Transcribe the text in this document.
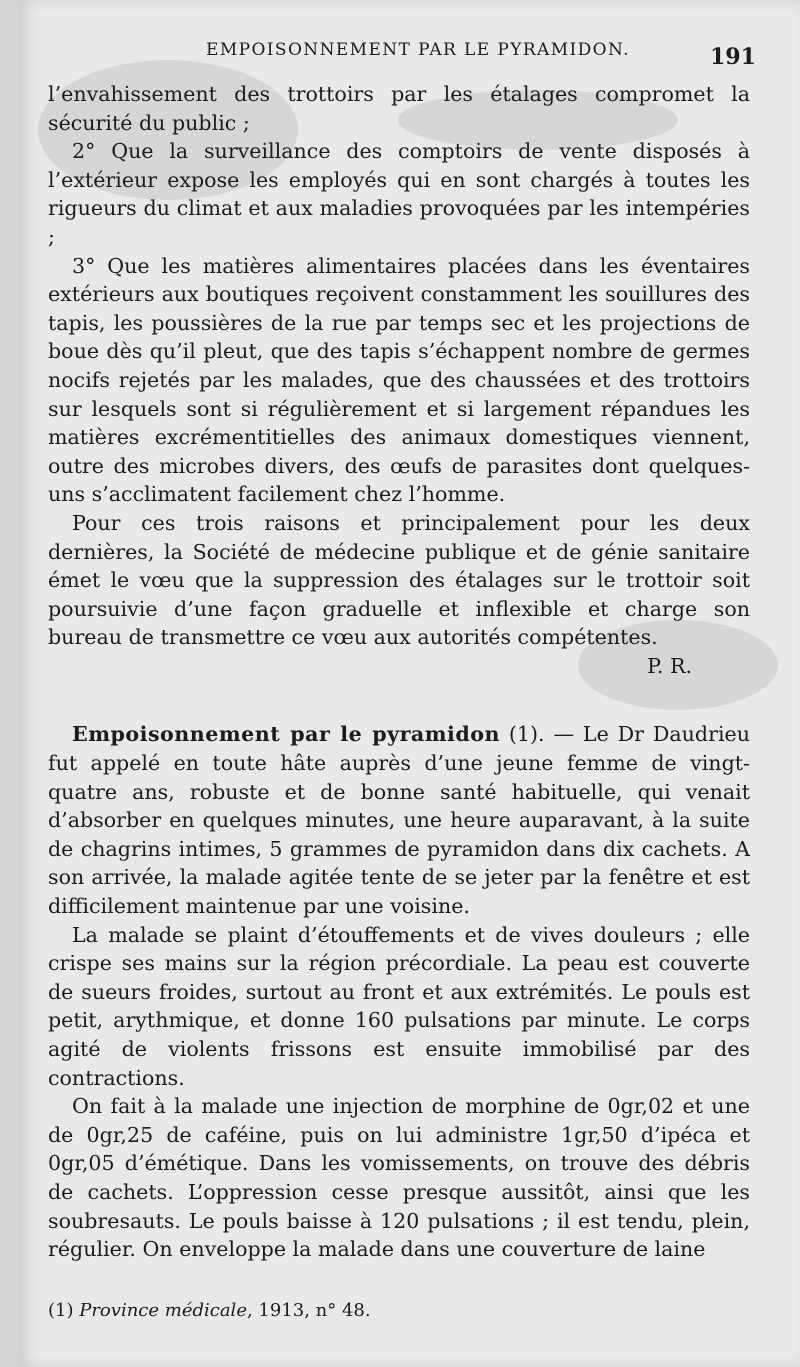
EMPOISONNEMENT PAR LE PYRAMIDON.	191

l’envahissement des trottoirs par les étalages compromet la sécurité du public ;

2° Que la surveillance des comptoirs de vente disposés à l’extérieur expose les employés qui en sont chargés à toutes les rigueurs du climat et aux maladies provoquées par les intempéries ;

3° Que les matières alimentaires placées dans les éventaires extérieurs aux boutiques reçoivent constamment les souillures des tapis, les poussières de la rue par temps sec et les projections de boue dès qu’il pleut, que des tapis s’échappent nombre de germes nocifs rejetés par les malades, que des chaussées et des trottoirs sur lesquels sont si régulièrement et si largement répandues les matières excrémentitielles des animaux domestiques viennent, outre des microbes divers, des œufs de parasites dont quelques-uns s’acclimatent facilement chez l’homme.

Pour ces trois raisons et principalement pour les deux dernières, la Société de médecine publique et de génie sanitaire émet le vœu que la suppression des étalages sur le trottoir soit poursuivie d’une façon graduelle et inflexible et charge son bureau de transmettre ce vœu aux autorités compétentes.

P. R.

Empoisonnement par le pyramidon (1). — Le Dr Daudrieu fut appelé en toute hâte auprès d’une jeune femme de vingt-quatre ans, robuste et de bonne santé habituelle, qui venait d’absorber en quelques minutes, une heure auparavant, à la suite de chagrins intimes, 5 grammes de pyramidon dans dix cachets. A son arrivée, la malade agitée tente de se jeter par la fenêtre et est difficilement maintenue par une voisine.

La malade se plaint d’étouffements et de vives douleurs ; elle crispe ses mains sur la région précordiale. La peau est couverte de sueurs froides, surtout au front et aux extrémités. Le pouls est petit, arythmique, et donne 160 pulsations par minute. Le corps agité de violents frissons est ensuite immobilisé par des contractions.

On fait à la malade une injection de morphine de 0gr,02 et une de 0gr,25 de caféine, puis on lui administre 1gr,50 d’ipéca et 0gr,05 d’émétique. Dans les vomissements, on trouve des débris de cachets. L’oppression cesse presque aussitôt, ainsi que les soubresauts. Le pouls baisse à 120 pulsations ; il est tendu, plein, régulier. On enveloppe la malade dans une couverture de laine

(1) Province médicale, 1913, n° 48.
